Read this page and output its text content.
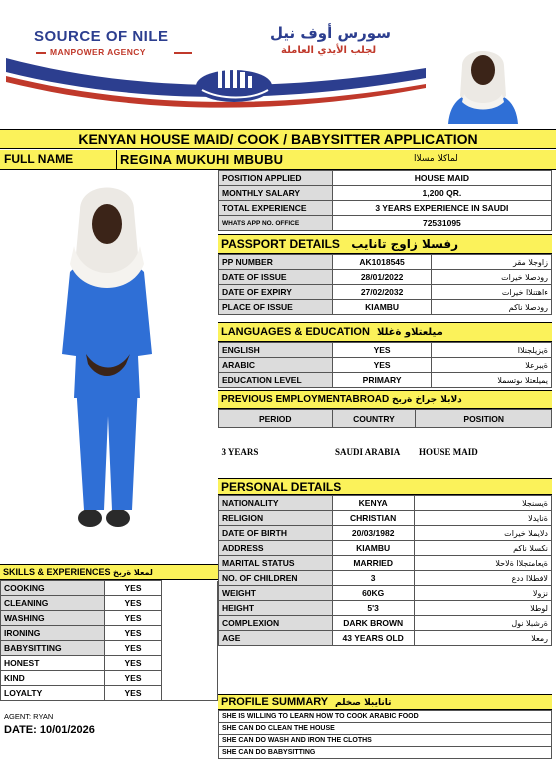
SOURCE OF NILE
MANPOWER AGENCY
سورس أوف نيل
لجلب الأيدي العاملة
KENYAN HOUSE MAID/ COOK / BABYSITTER APPLICATION
FULL NAME	REGINA MUKUHI MBUBU	لماكلا مسلاا
POSITION APPLIED	HOUSE MAID
MONTHLY SALARY	1,200 QR.
TOTAL EXPERIENCE	3 YEARS EXPERIENCE IN SAUDI
WHATS APP NO. OFFICE	72531095
PASSPORT DETAILS رفسلا زاوج تانايب
PP NUMBER	AK1018545	زاوجلا مقر
DATE OF ISSUE	28/01/2022	رودصلا خيرات
DATE OF EXPIRY	27/02/2032	ءاهتنلاا خيرات
PLACE OF ISSUE	KIAMBU	رودصلا ناكم
LANGUAGES & EDUCATION ميلعتلاو ةغللا
ENGLISH	YES	ةيزيلجنلاا
ARABIC	YES	ةيبرعلا
EDUCATION LEVEL	PRIMARY	يميلعتلا ىوتسملا
PREVIOUS EMPLOYMENTABROAD دلابلا جراخ ةربخ
PERIOD	COUNTRY	POSITION
3 YEARS	SAUDI ARABIA	HOUSE MAID
PERSONAL DETAILS
NATIONALITY	KENYA	ةيسنجلا
RELIGION	CHRISTIAN	ةنايدلا
DATE OF BIRTH	20/03/1982	دلايملا خيرات
ADDRESS	KIAMBU	نكسلا ناكم
MARITAL STATUS	MARRIED	ةيعامتجلاا ةلاحلا
NO. OF CHILDREN	3	لافطلاا ددع
WEIGHT	60KG	نزولا
HEIGHT	5'3	لوطلا
COMPLEXION	DARK BROWN	ةرشبلا نول
AGE	43 YEARS OLD	رمعلا
SKILLS & EXPERIENCES لمعلا ةربخ
COOKING	YES	
CLEANING	YES	
WASHING	YES	
IRONING	YES	
BABYSITTING	YES	
HONEST	YES	
KIND	YES	
LOYALTY	YES	
PROFILE SUMMARY تانايبلا صخلم
SHE IS WILLING TO LEARN HOW TO COOK ARABIC FOOD
SHE CAN DO CLEAN THE HOUSE
SHE CAN DO WASH AND IRON THE CLOTHS
SHE CAN DO BABYSITTING
AGENT: RYAN
DATE: 10/01/2026
